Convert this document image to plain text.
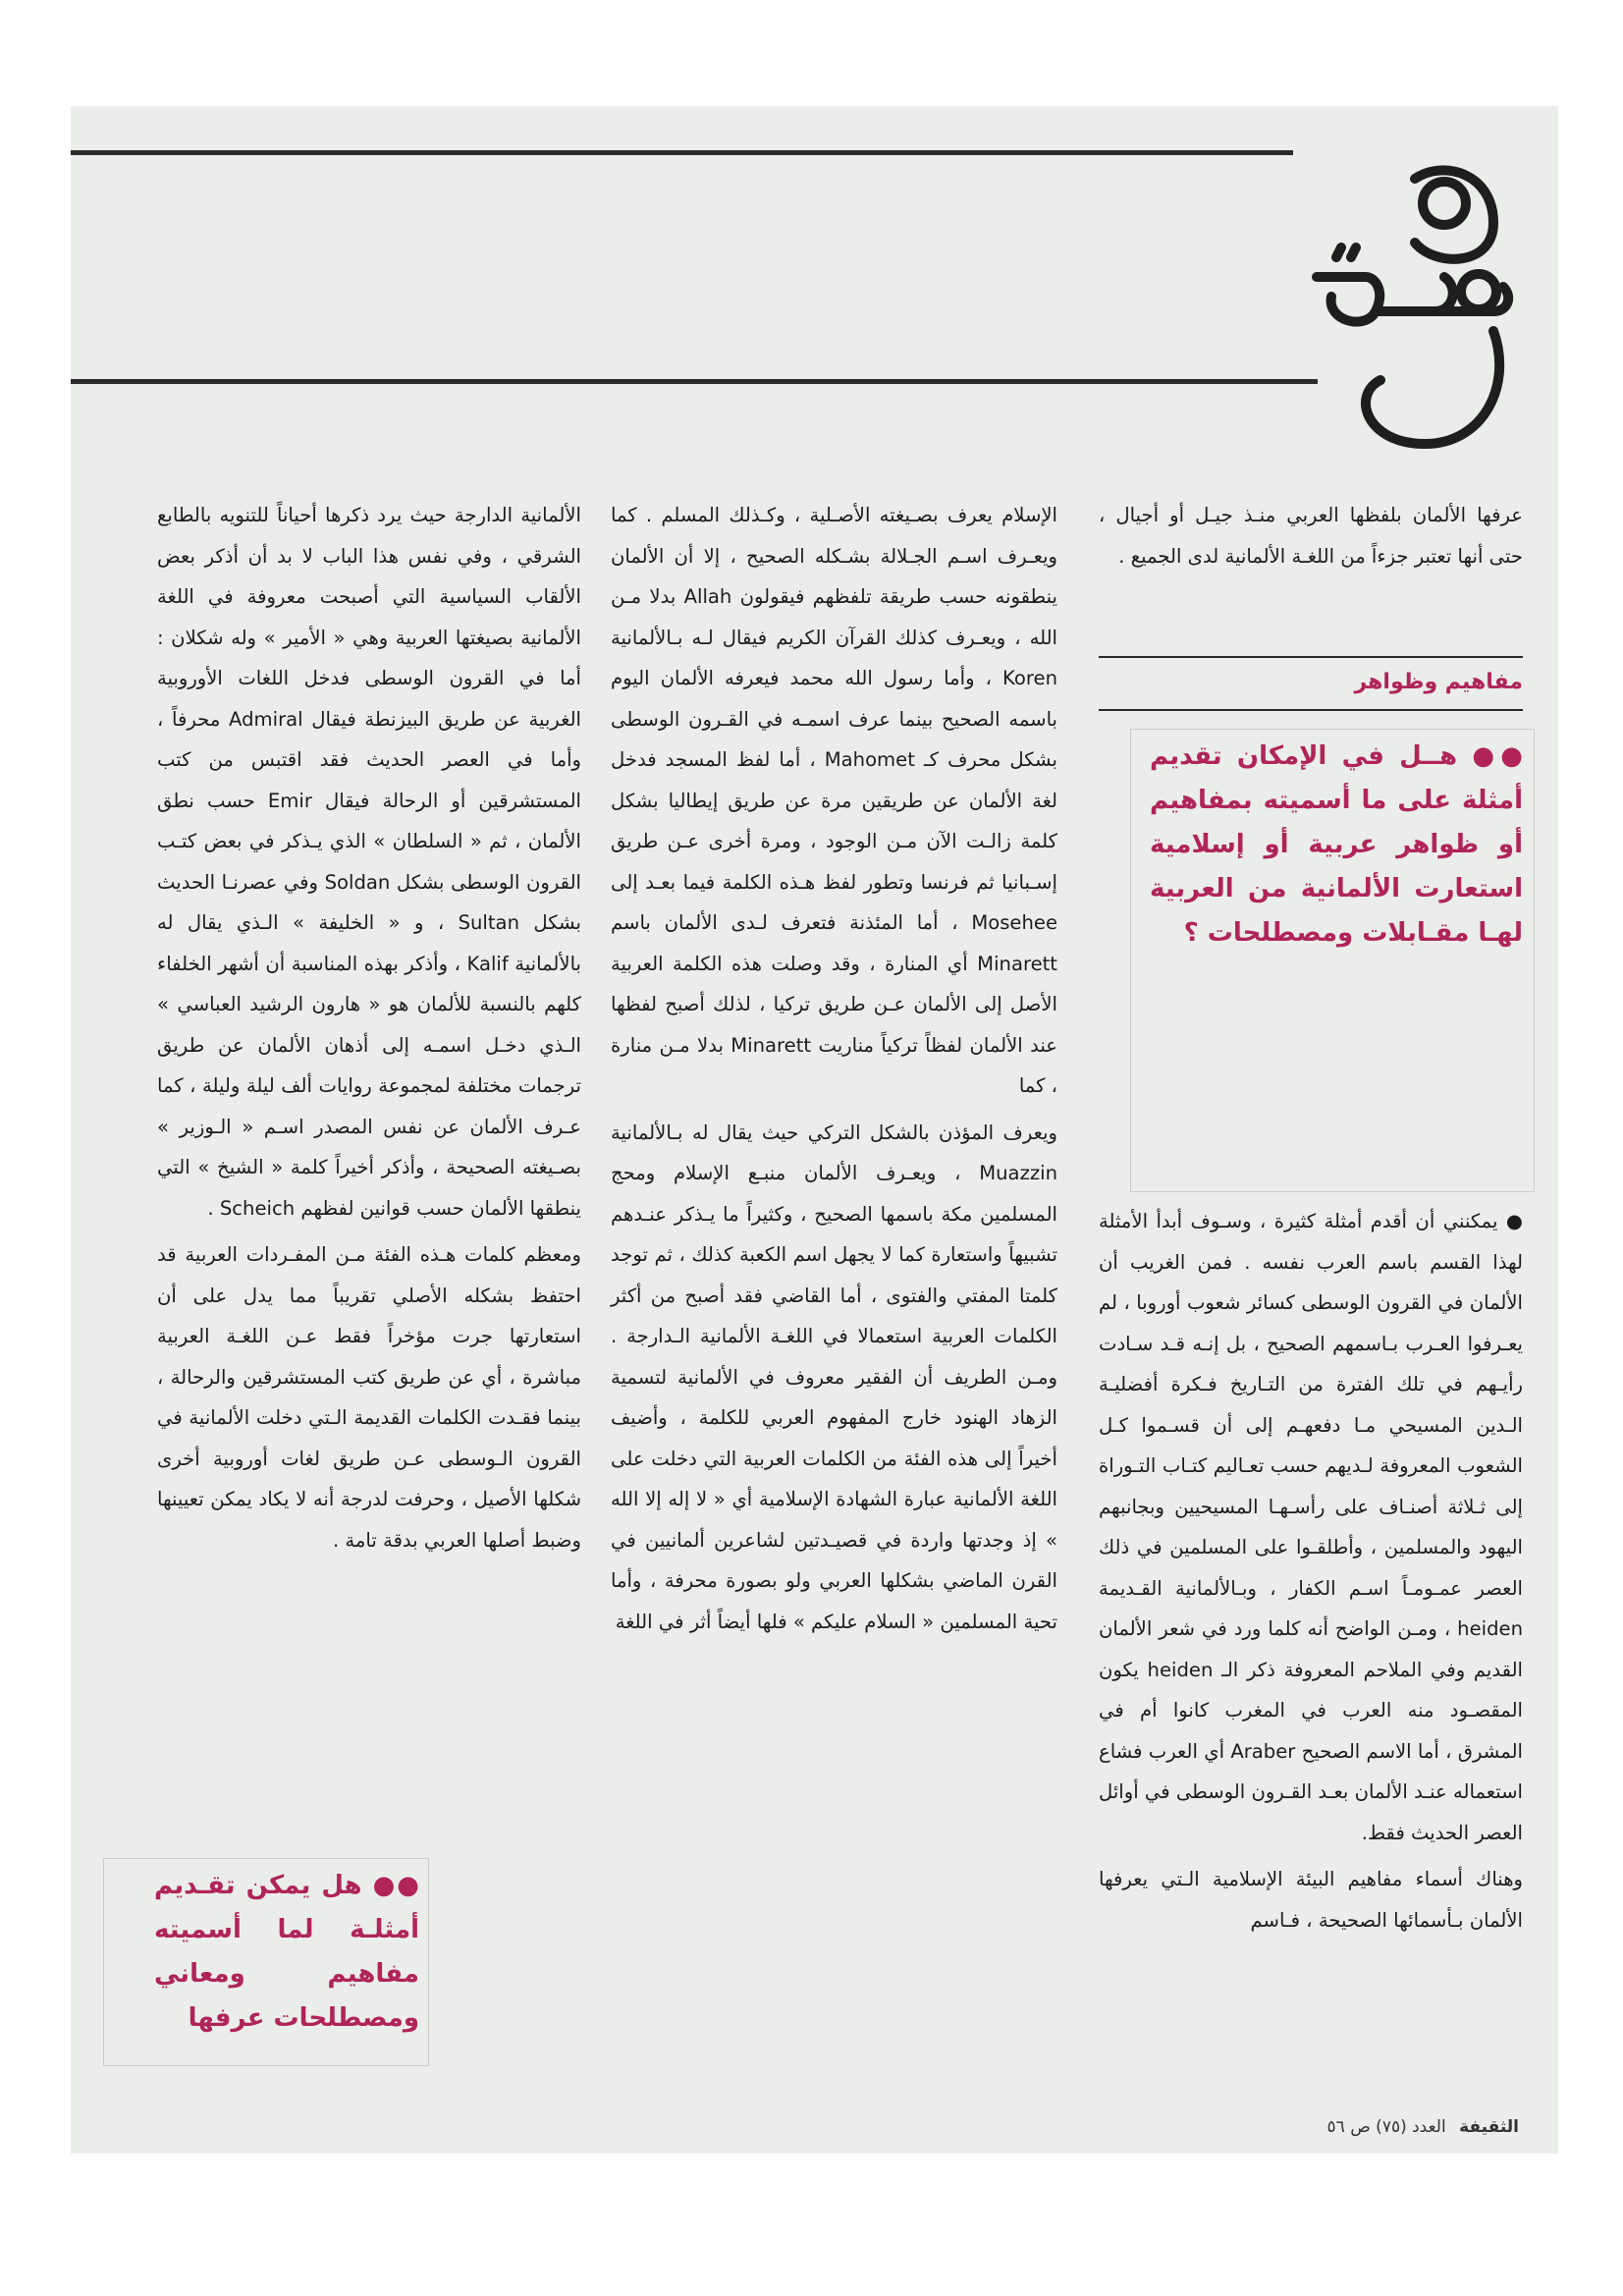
عرفها الألمان بلفظها العربي منـذ جيـل أو أجيال ، حتى أنها تعتبر جزءاً من اللغـة الألمانية لدى الجميع .

مفاهيم وظواهر
●● هــل في الإمكان تقديم أمثلة على ما أسميته بمفاهيم أو ظواهر عربية أو إسلامية استعارت الألمانية من العربية لهـا مقـابلات ومصطلحات ؟

● يمكنني أن أقدم أمثلة كثيرة ، وسـوف أبدأ الأمثلة لهذا القسم باسم العرب نفسه . فمن الغريب أن الألمان في القرون الوسطى كسائر شعوب أوروبا ، لم يعـرفوا العـرب بـاسمهم الصحيح ، بل إنـه قـد سـادت رأيـهم في تلك الفترة من التـاريخ فـكرة أفضليـة الـدين المسيحي مـا دفعهـم إلى أن قسـموا كـل الشعوب المعروفة لـديهم حسب تعـاليم كتـاب التـوراة إلى ثـلاثة أصنـاف على رأسـهـا المسيحيين وبجانبهم اليهود والمسلمين ، وأطلقـوا على المسلمين في ذلك العصر عمـومـاً اسـم الكفار ، وبـالألمانية القـديمة heiden ، ومـن الواضح أنه كلما ورد في شعر الألمان القديم وفي الملاحم المعروفة ذكر الـ heiden يكون المقصـود منه العرب في المغرب كانوا أم في المشرق ، أما الاسم الصحيح Araber أي العرب فشاع استعماله عنـد الألمان بعـد القـرون الوسطى في أوائل العصر الحديث فقط.

وهناك أسماء مفاهيم البيئة الإسلامية الـتي يعرفها الألمان بـأسمائها الصحيحة ، فـاسم

الإسلام يعرف بصـيغته الأصـلية ، وكـذلك المسلم . كما ويعـرف اسـم الجـلالة بشـكله الصحيح ، إلا أن الألمان ينطقونه حسب طريقة تلفظهم فيقولون Allah بدلا مـن الله ، ويعـرف كذلك القرآن الكريم فيقال لـه بـالألمانية Koren ، وأما رسول الله محمد فيعرفه الألمان اليوم باسمه الصحيح بينما عرف اسمـه في القـرون الوسطى بشكل محرف كـ Mahomet ، أما لفظ المسجد فدخل لغة الألمان عن طريقين مرة عن طريق إيطاليا بشكل كلمة زالـت الآن مـن الوجود ، ومرة أخرى عـن طريق إسـبانيا ثم فرنسا وتطور لفظ هـذه الكلمة فيما بعـد إلى Mosehee ، أما المئذنة فتعرف لـدى الألمان باسم Minarett أي المنارة ، وقد وصلت هذه الكلمة العربية الأصل إلى الألمان عـن طريق تركيا ، لذلك أصبح لفظها عند الألمان لفظاً تركياً مناريت Minarett بدلا مـن منارة ، كما

ويعرف المؤذن بالشكل التركي حيث يقال له بـالألمانية Muazzin ، ويعـرف الألمان منبـع الإسلام ومحج المسلمين مكة باسمها الصحيح ، وكثيراً ما يـذكر عنـدهم تشبيهاً واستعارة كما لا يجهل اسم الكعبة كذلك ، ثم توجد كلمتا المفتي والفتوى ، أما القاضي فقد أصبح من أكثر الكلمات العربية استعمالا في اللغـة الألمانية الـدارجة . ومـن الطريف أن الفقير معروف في الألمانية لتسمية الزهاد الهنود خارج المفهوم العربي للكلمة ، وأضيف أخيراً إلى هذه الفئة من الكلمات العربية التي دخلت على اللغة الألمانية عبارة الشهادة الإسلامية أي « لا إله إلا الله » إذ وجدتها واردة في قصيـدتين لشاعرين ألمانيين في القرن الماضي بشكلها العربي ولو بصورة محرفة ، وأما تحية المسلمين « السلام عليكم » فلها أيضاً أثر في اللغة

الألمانية الدارجة حيث يرد ذكرها أحياناً للتنويه بالطابع الشرقي ، وفي نفس هذا الباب لا بد أن أذكر بعض الألقاب السياسية التي أصبحت معروفة في اللغة الألمانية بصيغتها العربية وهي « الأمير » وله شكلان : أما في القرون الوسطى فدخل اللغات الأوروبية الغربية عن طريق البيزنطة فيقال Admiral محرفاً ، وأما في العصر الحديث فقد اقتبس من كتب المستشرقين أو الرحالة فيقال Emir حسب نطق الألمان ، ثم « السلطان » الذي يـذكر في بعض كتـب القرون الوسطى بشكل Soldan وفي عصرنـا الحديث بشكل Sultan ، و « الخليفة » الـذي يقال له بالألمانية Kalif ، وأذكر بهذه المناسبة أن أشهر الخلفاء كلهم بالنسبة للألمان هو « هارون الرشيد العباسي » الـذي دخـل اسمـه إلى أذهان الألمان عن طريق ترجمات مختلفة لمجموعة روايات ألف ليلة وليلة ، كما عـرف الألمان عن نفس المصدر اسـم « الـوزير » بصـيغته الصحيحة ، وأذكر أخيراً كلمة « الشيخ » التي ينطقها الألمان حسب قوانين لفظهم Scheich .

ومعظم كلمات هـذه الفئة مـن المفـردات العربية قد احتفظ بشكله الأصلي تقريباً مما يدل على أن استعارتها جرت مؤخراً فقط عـن اللغـة العربية مباشرة ، أي عن طريق كتب المستشرقين والرحالة ، بينما فقـدت الكلمات القديمة الـتي دخلت الألمانية في القرون الـوسطى عـن طريق لغات أوروبية أخرى شكلها الأصيل ، وحرفت لدرجة أنه لا يكاد يمكن تعيينها وضبط أصلها العربي بدقة تامة .

●● هل يمكن تقـديم أمثلـة لما أسميته مفاهيم ومعاني ومصطلحات عرفها
الثقيفة العدد (٧٥) ص ٥٦
